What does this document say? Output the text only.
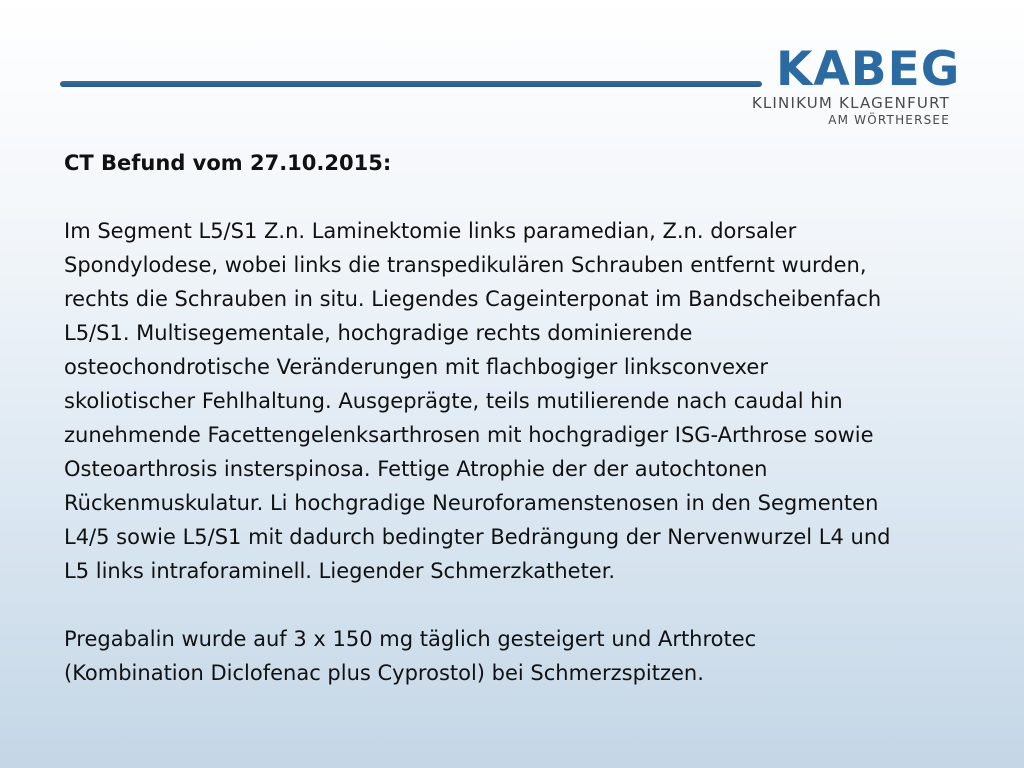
KABEG
KLINIKUM KLAGENFURT
AM WÖRTHERSEE
CT Befund vom 27.10.2015:
Im Segment L5/S1 Z.n. Laminektomie links paramedian, Z.n. dorsaler
Spondylodese, wobei links die transpedikulären Schrauben entfernt wurden,
rechts die Schrauben in situ. Liegendes Cageinterponat im Bandscheibenfach
L5/S1. Multisegementale, hochgradige rechts dominierende
osteochondrotische Veränderungen mit flachbogiger linksconvexer
skoliotischer Fehlhaltung. Ausgeprägte, teils mutilierende nach caudal hin
zunehmende Facettengelenksarthrosen mit hochgradiger ISG-Arthrose sowie
Osteoarthrosis insterspinosa. Fettige Atrophie der der autochtonen
Rückenmuskulatur. Li hochgradige Neuroforamenstenosen in den Segmenten
L4/5 sowie L5/S1 mit dadurch bedingter Bedrängung der Nervenwurzel L4 und
L5 links intraforaminell. Liegender Schmerzkatheter.
Pregabalin wurde auf 3 x 150 mg täglich gesteigert und Arthrotec
(Kombination Diclofenac plus Cyprostol) bei Schmerzspitzen.
